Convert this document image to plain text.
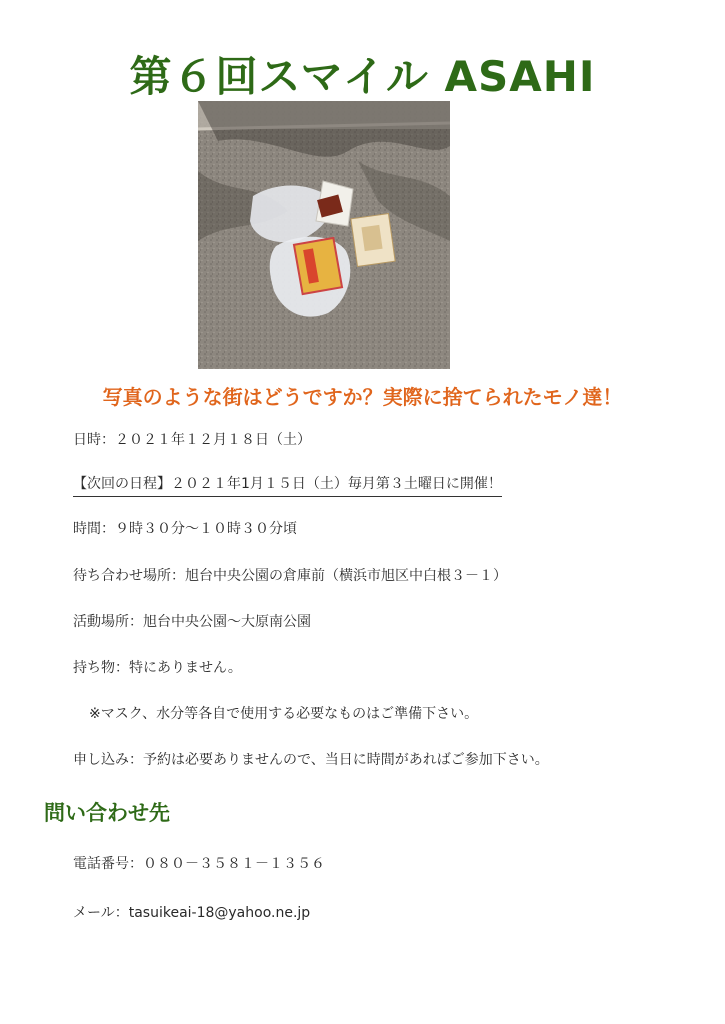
第６回スマイル ASAHI
写真のような街はどうですか？実際に捨てられたモノ達！

日時：２０２１年１２月１８日（土）

【次回の日程】２０２１年1月１５日（土）毎月第３土曜日に開催！

時間：９時３０分～１０時３０分頃

待ち合わせ場所：旭台中央公園の倉庫前（横浜市旭区中白根３－１）

活動場所：旭台中央公園～大原南公園

持ち物：特にありません。

※マスク、水分等各自で使用する必要なものはご準備下さい。

申し込み：予約は必要ありませんので、当日に時間があればご参加下さい。

問い合わせ先

電話番号：０８０－３５８１－１３５６

メール：tasuikeai-18@yahoo.ne.jp
